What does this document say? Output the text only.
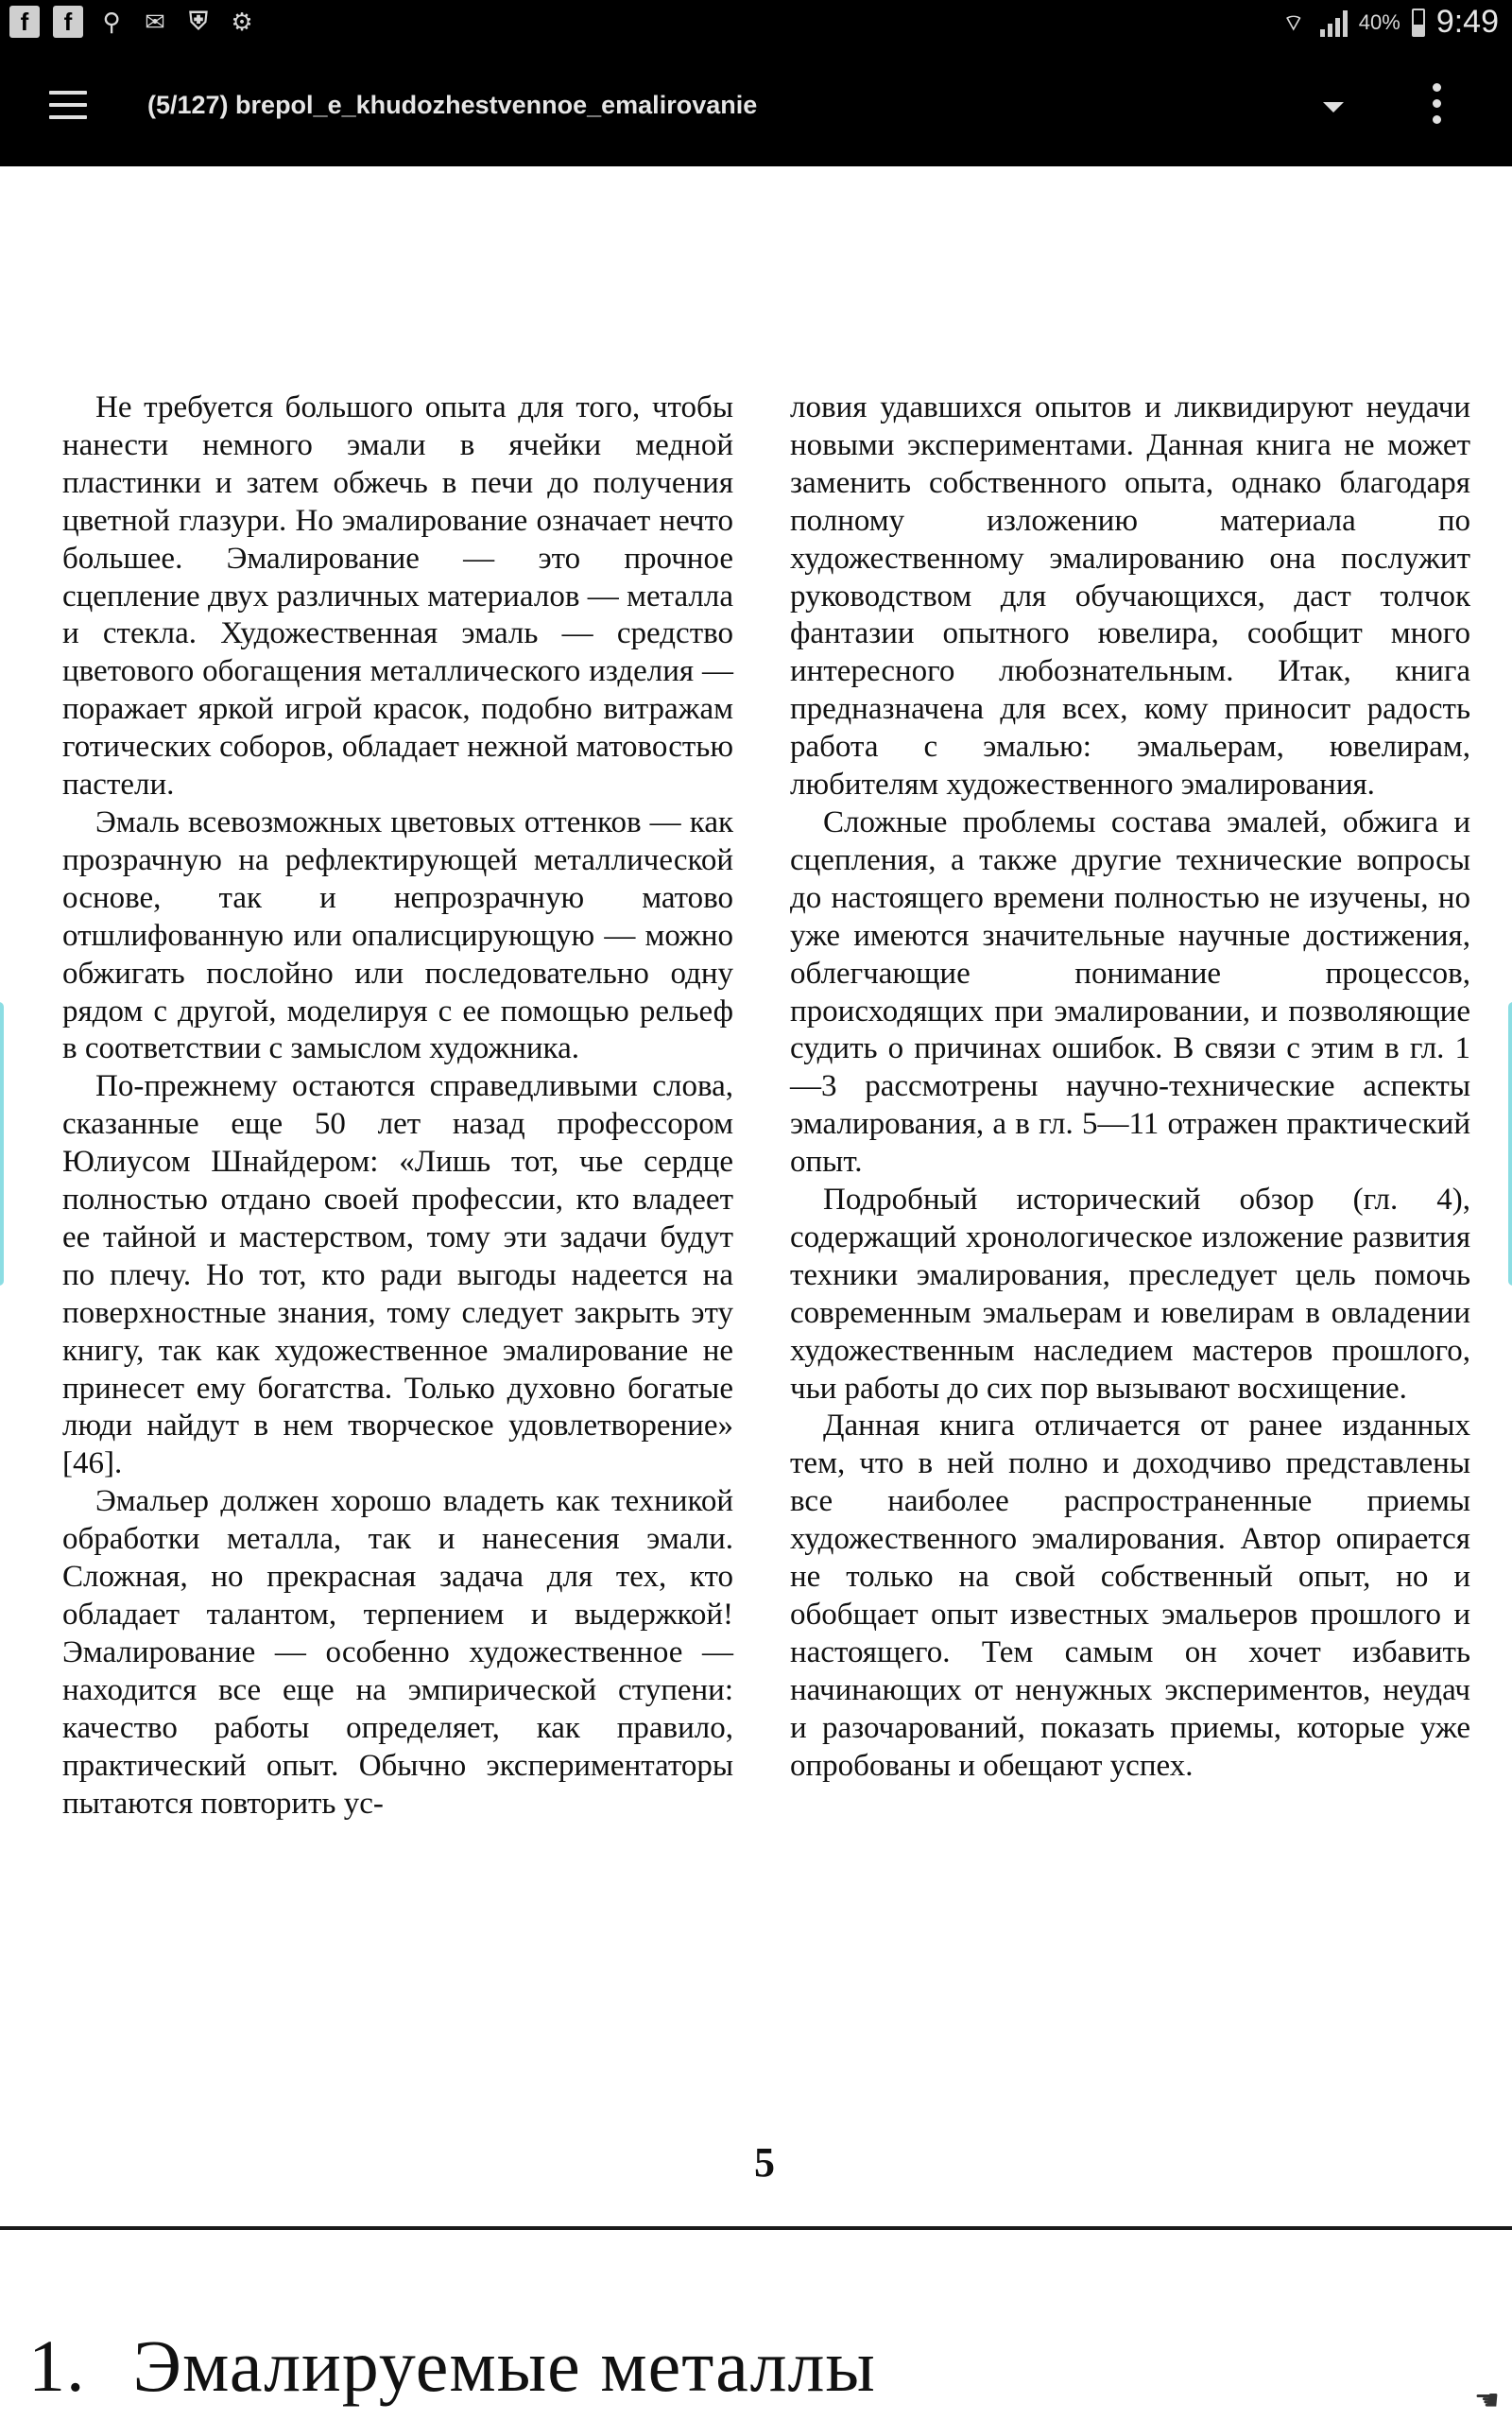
f	f	⚲ ✉ ⛨ ⚙	⌔	40% 9:49
(5/127) brepol_e_khudozhestvennoe_emalirovanie

Не требуется большого опыта для того, чтобы нанести немного эмали в ячейки медной пластинки и затем обжечь в печи до получения цветной глазури. Но эмалирование означает нечто большее. Эмалирование — это прочное сцепление двух различных материалов — металла и стекла. Художественная эмаль — средство цветового обогащения металлического изделия — поражает яркой игрой красок, подобно витражам готических соборов, обладает нежной матовостью пастели.

Эмаль всевозможных цветовых оттенков — как прозрачную на рефлектирующей металлической основе, так и непрозрачную матово отшлифованную или опалисцирующую — можно обжигать послойно или последовательно одну рядом с другой, моделируя с ее помощью рельеф в соответствии с замыслом художника.

По-прежнему остаются справедливыми слова, сказанные еще 50 лет назад профессором Юлиусом Шнайдером: «Лишь тот, чье сердце полностью отдано своей профессии, кто владеет ее тайной и мастерством, тому эти задачи будут по плечу. Но тот, кто ради выгоды надеется на поверхностные знания, тому следует закрыть эту книгу, так как художественное эмалирование не принесет ему богатства. Только духовно богатые люди найдут в нем творческое удовлетворение» [46].

Эмальер должен хорошо владеть как техникой обработки металла, так и нанесения эмали. Сложная, но прекрасная задача для тех, кто обладает талантом, терпением и выдержкой! Эмалирование — особенно художественное — находится все еще на эмпирической ступени: качество работы определяет, как правило, практический опыт. Обычно экспериментаторы пытаются повторить ус-

ловия удавшихся опытов и ликвидируют неудачи новыми экспериментами. Данная книга не может заменить собственного опыта, однако благодаря полному изложению материала по художественному эмалированию она послужит руководством для обучающихся, даст толчок фантазии опытного ювелира, сообщит много интересного любознательным. Итак, книга предназначена для всех, кому приносит радость работа с эмалью: эмальерам, ювелирам, любителям художественного эмалирования.

Сложные проблемы состава эмалей, обжига и сцепления, а также другие технические вопросы до настоящего времени полностью не изучены, но уже имеются значительные научные достижения, облегчающие понимание процессов, происходящих при эмалировании, и позволяющие судить о причинах ошибок. В связи с этим в гл. 1—3 рассмотрены научно-технические аспекты эмалирования, а в гл. 5—11 отражен практический опыт.

Подробный исторический обзор (гл. 4), содержащий хронологическое изложение развития техники эмалирования, преследует цель помочь современным эмальерам и ювелирам в овладении художественным наследием мастеров прошлого, чьи работы до сих пор вызывают восхищение.

Данная книга отличается от ранее изданных тем, что в ней полно и доходчиво представлены все наиболее распространенные приемы художественного эмалирования. Автор опирается не только на свой собственный опыт, но и обобщает опыт известных эмальеров прошлого и настоящего. Тем самым он хочет избавить начинающих от ненужных экспериментов, неудач и разочарований, показать приемы, которые уже опробованы и обещают успех.

5
1. Эмалируемые металлы	☚
